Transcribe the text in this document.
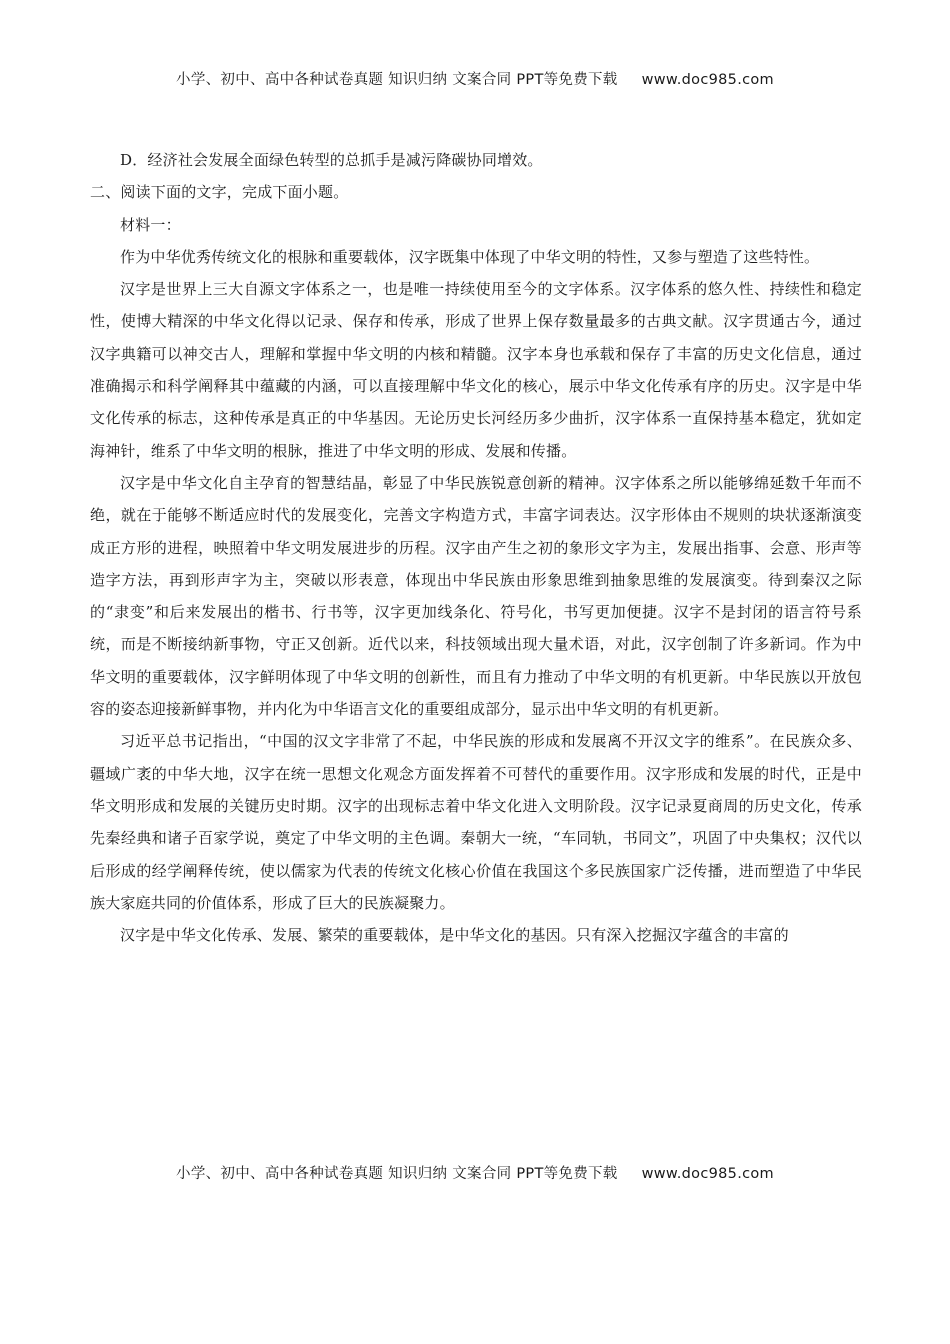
小学、初中、高中各种试卷真题 知识归纳 文案合同 PPT等免费下载 www.doc985.com

D．经济社会发展全面绿色转型的总抓手是减污降碳协同增效。

二、阅读下面的文字，完成下面小题。

材料一：

作为中华优秀传统文化的根脉和重要载体，汉字既集中体现了中华文明的特性，又参与塑造了这些特性。

汉字是世界上三大自源文字体系之一，也是唯一持续使用至今的文字体系。汉字体系的悠久性、持续性和稳定性，使博大精深的中华文化得以记录、保存和传承，形成了世界上保存数量最多的古典文献。汉字贯通古今，通过汉字典籍可以神交古人，理解和掌握中华文明的内核和精髓。汉字本身也承载和保存了丰富的历史文化信息，通过准确揭示和科学阐释其中蕴藏的内涵，可以直接理解中华文化的核心，展示中华文化传承有序的历史。汉字是中华文化传承的标志，这种传承是真正的中华基因。无论历史长河经历多少曲折，汉字体系一直保持基本稳定，犹如定海神针，维系了中华文明的根脉，推进了中华文明的形成、发展和传播。

汉字是中华文化自主孕育的智慧结晶，彰显了中华民族锐意创新的精神。汉字体系之所以能够绵延数千年而不绝，就在于能够不断适应时代的发展变化，完善文字构造方式，丰富字词表达。汉字形体由不规则的块状逐渐演变成正方形的进程，映照着中华文明发展进步的历程。汉字由产生之初的象形文字为主，发展出指事、会意、形声等造字方法，再到形声字为主，突破以形表意，体现出中华民族由形象思维到抽象思维的发展演变。待到秦汉之际的“隶变”和后来发展出的楷书、行书等，汉字更加线条化、符号化，书写更加便捷。汉字不是封闭的语言符号系统，而是不断接纳新事物，守正又创新。近代以来，科技领域出现大量术语，对此，汉字创制了许多新词。作为中华文明的重要载体，汉字鲜明体现了中华文明的创新性，而且有力推动了中华文明的有机更新。中华民族以开放包容的姿态迎接新鲜事物，并内化为中华语言文化的重要组成部分，显示出中华文明的有机更新。

习近平总书记指出，“中国的汉文字非常了不起，中华民族的形成和发展离不开汉文字的维系”。在民族众多、疆域广袤的中华大地，汉字在统一思想文化观念方面发挥着不可替代的重要作用。汉字形成和发展的时代，正是中华文明形成和发展的关键历史时期。汉字的出现标志着中华文化进入文明阶段。汉字记录夏商周的历史文化，传承先秦经典和诸子百家学说，奠定了中华文明的主色调。秦朝大一统，“车同轨，书同文”，巩固了中央集权；汉代以后形成的经学阐释传统，使以儒家为代表的传统文化核心价值在我国这个多民族国家广泛传播，进而塑造了中华民族大家庭共同的价值体系，形成了巨大的民族凝聚力。

汉字是中华文化传承、发展、繁荣的重要载体，是中华文化的基因。只有深入挖掘汉字蕴含的丰富的

小学、初中、高中各种试卷真题 知识归纳 文案合同 PPT等免费下载 www.doc985.com
